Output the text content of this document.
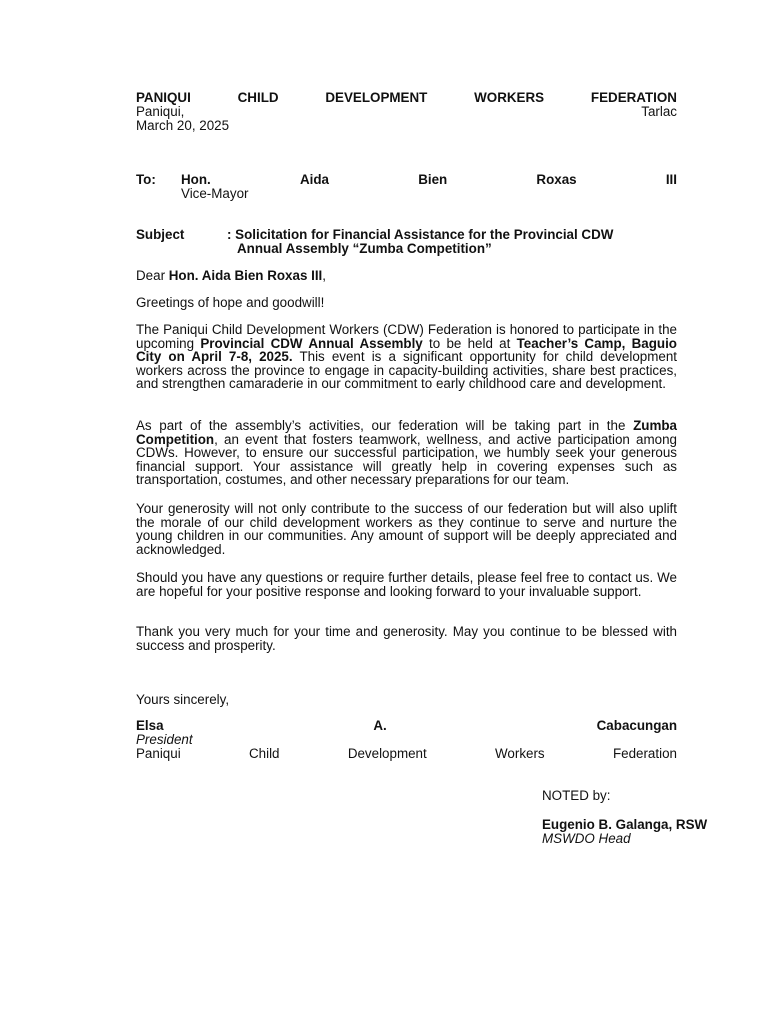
PANIQUI	CHILD	DEVELOPMENT	WORKERS	FEDERATION
Paniqui,	Tarlac
March 20, 2025
To: Hon.	Aida	Bien	Roxas	III
Vice-Mayor
Subject	: Solicitation for Financial Assistance for the Provincial CDW
Annual Assembly “Zumba Competition”
Dear Hon. Aida Bien Roxas III,
Greetings of hope and goodwill!

The Paniqui Child Development Workers (CDW) Federation is honored to participate in the upcoming Provincial CDW Annual Assembly to be held at Teacher’s Camp, Baguio City on April 7-8, 2025. This event is a significant opportunity for child development workers across the province to engage in capacity-building activities, share best practices, and strengthen camaraderie in our commitment to early childhood care and development.

As part of the assembly’s activities, our federation will be taking part in the Zumba Competition, an event that fosters teamwork, wellness, and active participation among CDWs. However, to ensure our successful participation, we humbly seek your generous financial support. Your assistance will greatly help in covering expenses such as transportation, costumes, and other necessary preparations for our team.

Your generosity will not only contribute to the success of our federation but will also uplift the morale of our child development workers as they continue to serve and nurture the young children in our communities. Any amount of support will be deeply appreciated and acknowledged.

Should you have any questions or require further details, please feel free to contact us. We are hopeful for your positive response and looking forward to your invaluable support.

Thank you very much for your time and generosity. May you continue to be blessed with success and prosperity.

Yours sincerely,
Elsa	A.	Cabacungan
President
Paniqui	Child	Development	Workers	Federation
NOTED by:
Eugenio B. Galanga, RSW
MSWDO Head
